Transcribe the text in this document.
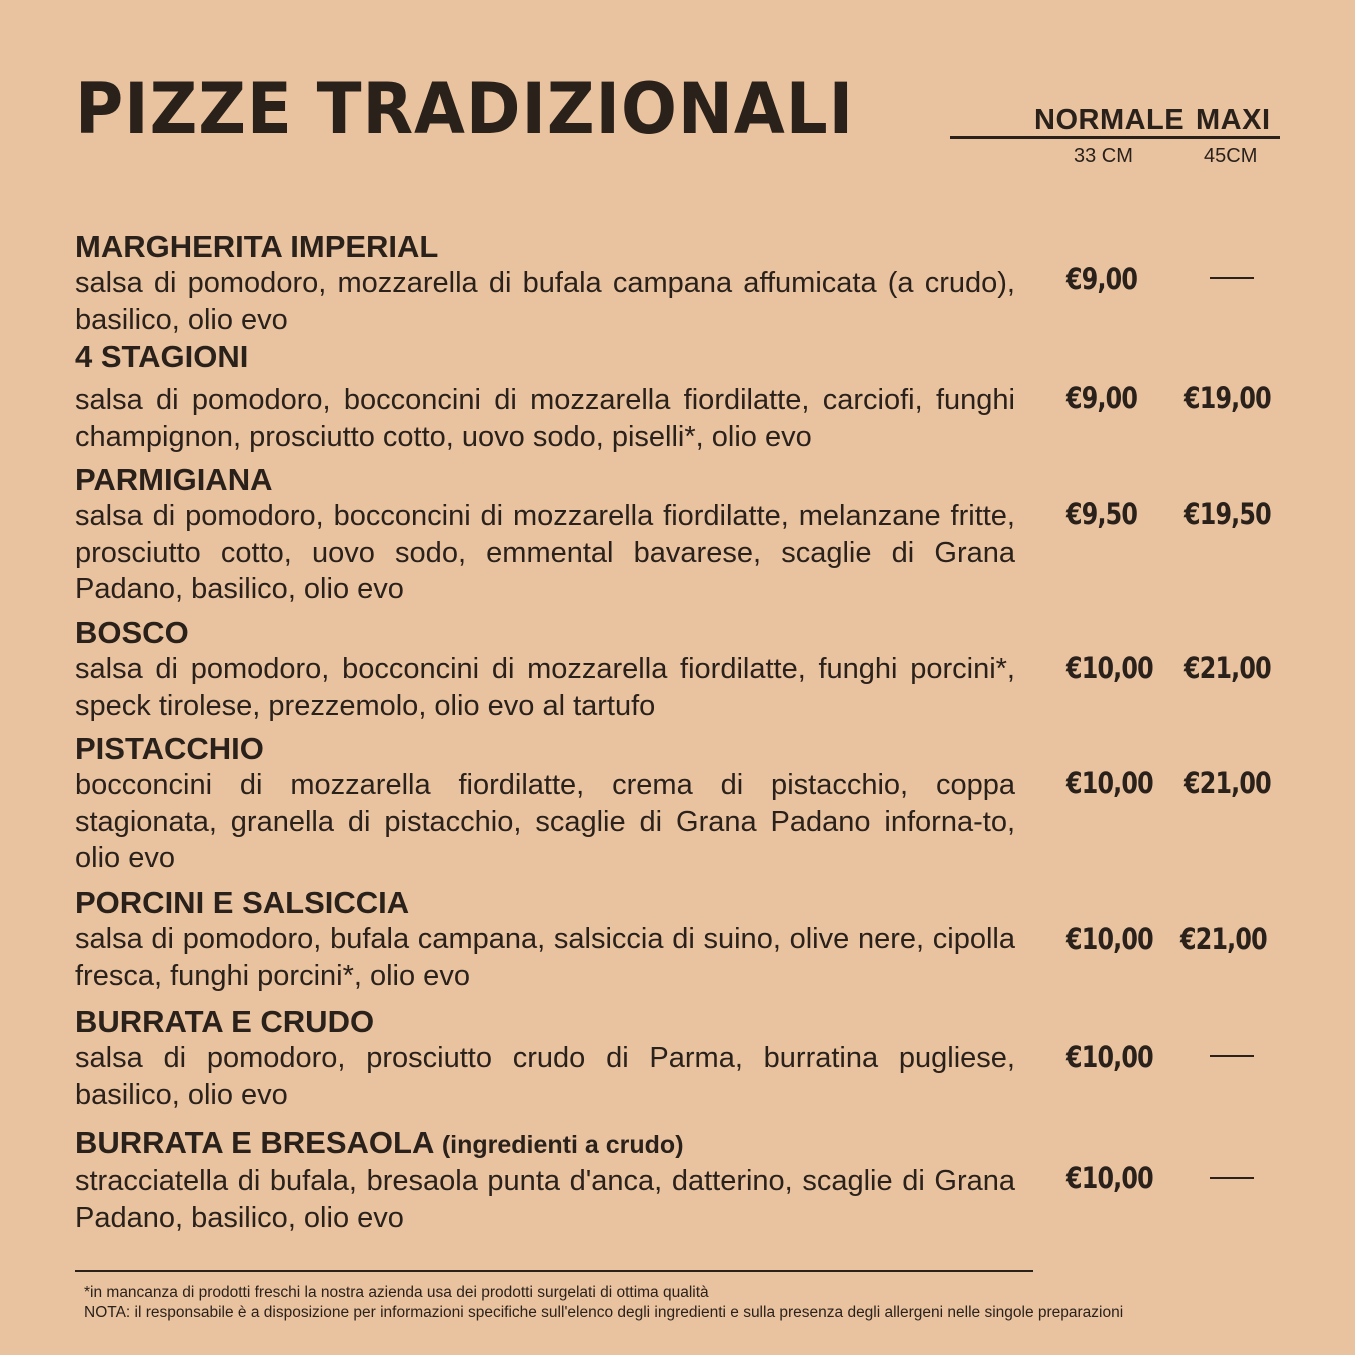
PIZZE TRADIZIONALI	NORMALE MAXI
33 CM	45CM
MARGHERITA IMPERIAL
salsa di pomodoro, mozzarella di bufala campana affumicata (a crudo), basilico, olio evo
€9,00
4 STAGIONI
salsa di pomodoro, bocconcini di mozzarella fiordilatte, carciofi, funghi champignon, prosciutto cotto, uovo sodo, piselli*, olio evo
€9,00 €19,00
PARMIGIANA
salsa di pomodoro, bocconcini di mozzarella fiordilatte, melanzane fritte, prosciutto cotto, uovo sodo, emmental bavarese, scaglie di Grana Padano, basilico, olio evo
€9,50 €19,50
BOSCO
salsa di pomodoro, bocconcini di mozzarella fiordilatte, funghi porcini*, speck tirolese, prezzemolo, olio evo al tartufo
€10,00 €21,00
PISTACCHIO
bocconcini di mozzarella fiordilatte, crema di pistacchio, coppa stagionata, granella di pistacchio, scaglie di Grana Padano inforna-to, olio evo
€10,00 €21,00
PORCINI E SALSICCIA
salsa di pomodoro, bufala campana, salsiccia di suino, olive nere, cipolla fresca, funghi porcini*, olio evo
€10,00 €21,00
BURRATA E CRUDO
salsa di pomodoro, prosciutto crudo di Parma, burratina pugliese, basilico, olio evo
€10,00
BURRATA E BRESAOLA (ingredienti a crudo)
stracciatella di bufala, bresaola punta d'anca, datterino, scaglie di Grana Padano, basilico, olio evo
€10,00
*in mancanza di prodotti freschi la nostra azienda usa dei prodotti surgelati di ottima qualità
NOTA: il responsabile è a disposizione per informazioni specifiche sull'elenco degli ingredienti e sulla presenza degli allergeni nelle singole preparazioni
